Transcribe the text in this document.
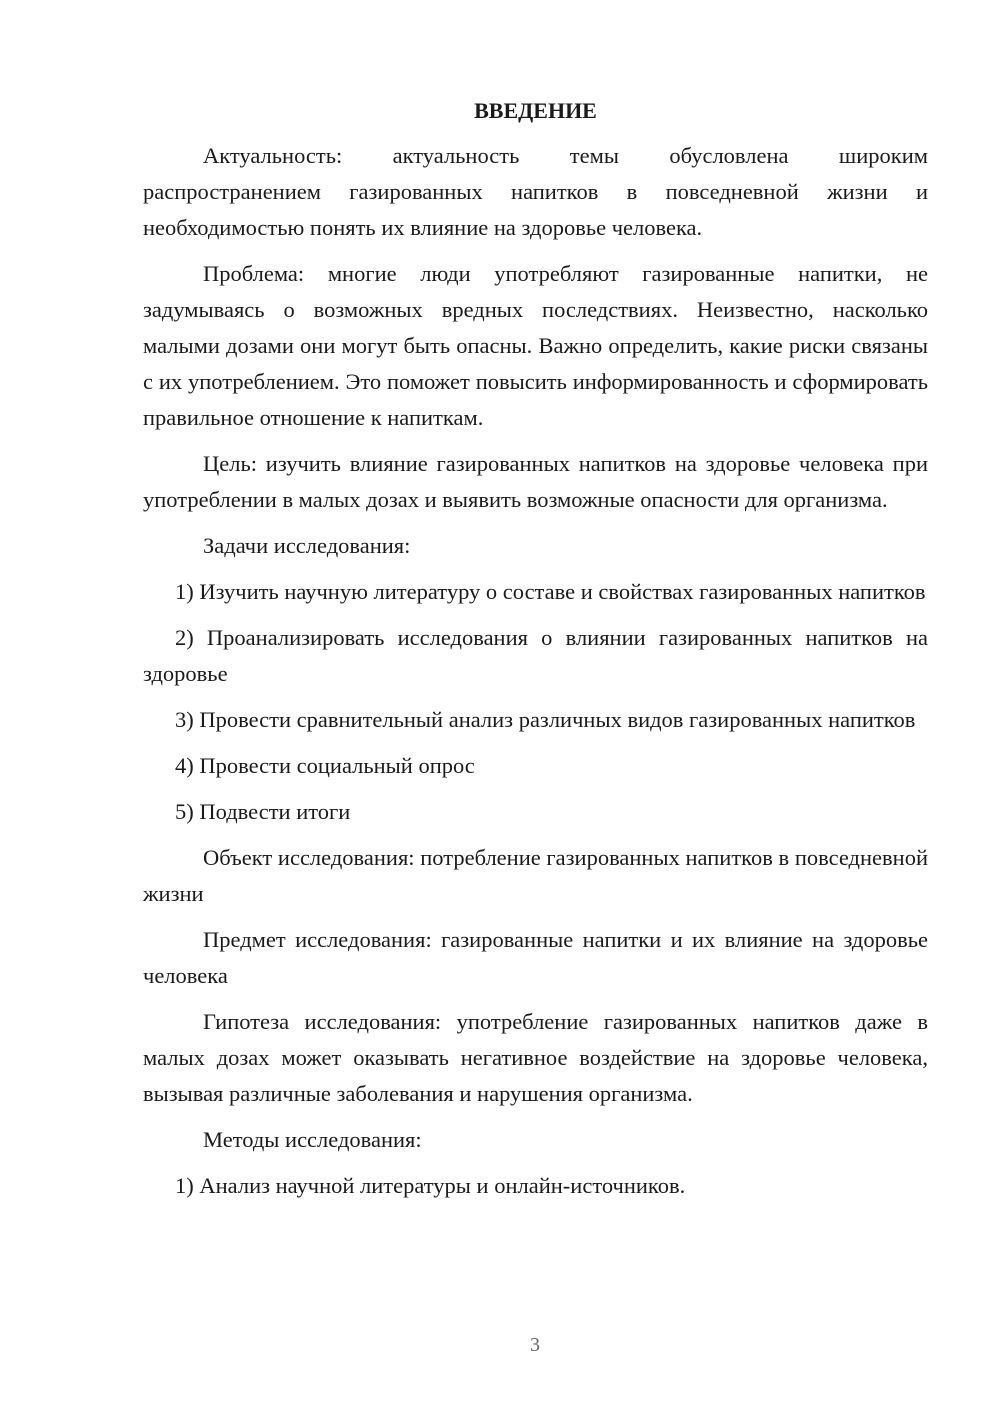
ВВЕДЕНИЕ

Актуальность: актуальность темы обусловлена широким распространением газированных напитков в повседневной жизни и необходимостью понять их влияние на здоровье человека.

Проблема: многие люди употребляют газированные напитки, не задумываясь о возможных вредных последствиях. Неизвестно, насколько малыми дозами они могут быть опасны. Важно определить, какие риски связаны с их употреблением. Это поможет повысить информированность и сформировать правильное отношение к напиткам.

Цель: изучить влияние газированных напитков на здоровье человека при употреблении в малых дозах и выявить возможные опасности для организма.

Задачи исследования:

1) Изучить научную литературу о составе и свойствах газированных напитков

2) Проанализировать исследования о влиянии газированных напитков на здоровье

3) Провести сравнительный анализ различных видов газированных напитков

4) Провести социальный опрос

5) Подвести итоги

Объект исследования: потребление газированных напитков в повседневной жизни

Предмет исследования: газированные напитки и их влияние на здоровье человека

Гипотеза исследования: употребление газированных напитков даже в малых дозах может оказывать негативное воздействие на здоровье человека, вызывая различные заболевания и нарушения организма.

Методы исследования:

1) Анализ научной литературы и онлайн-источников.

3
